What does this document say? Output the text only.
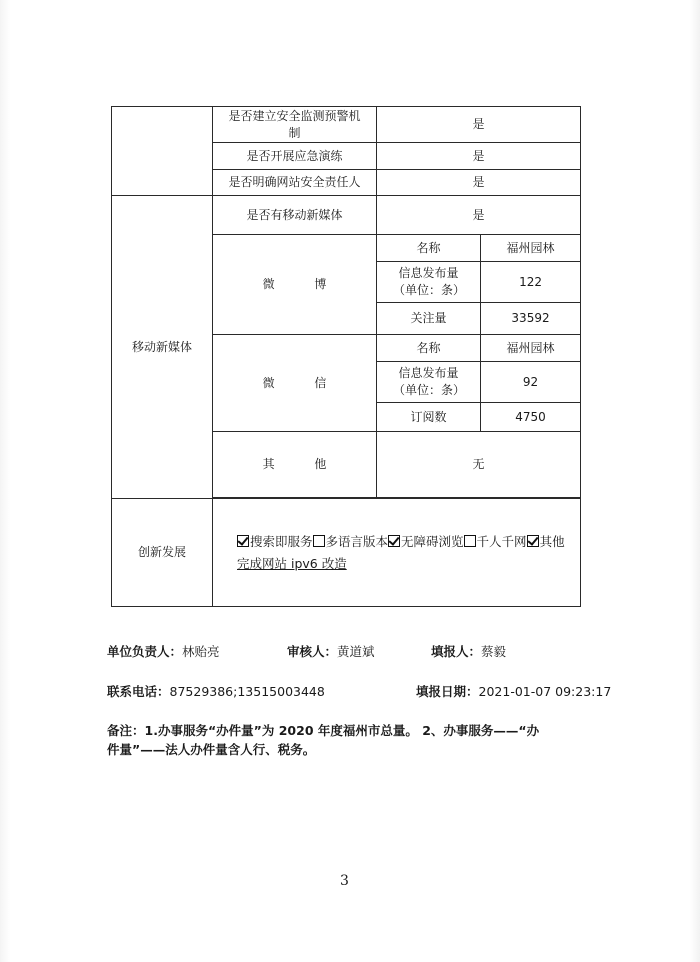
	是否建立安全监测预警机制	是	
	是否开展应急演练	是	
	是否明确网站安全责任人	是	
移动新媒体	是否有移动新媒体	是	
	微 博	名称	福州园林
		信息发布量（单位：条）	122
		关注量	33592
	微 信	名称	福州园林
		信息发布量（单位：条）	92
		订阅数	4750
	其 他	无	

创新发展	搜索即服务 多语言版本 无障碍浏览 千人千网 其他
完成网站 ipv6 改造		
单位负责人：林贻亮	审核人：黄道斌	填报人：蔡毅
联系电话：87529386;13515003448	填报日期：2021-01-07 09:23:17
备注：1.办事服务“办件量”为 2020 年度福州市总量。 2、办事服务——“办
件量”——法人办件量含人行、税务。
3
